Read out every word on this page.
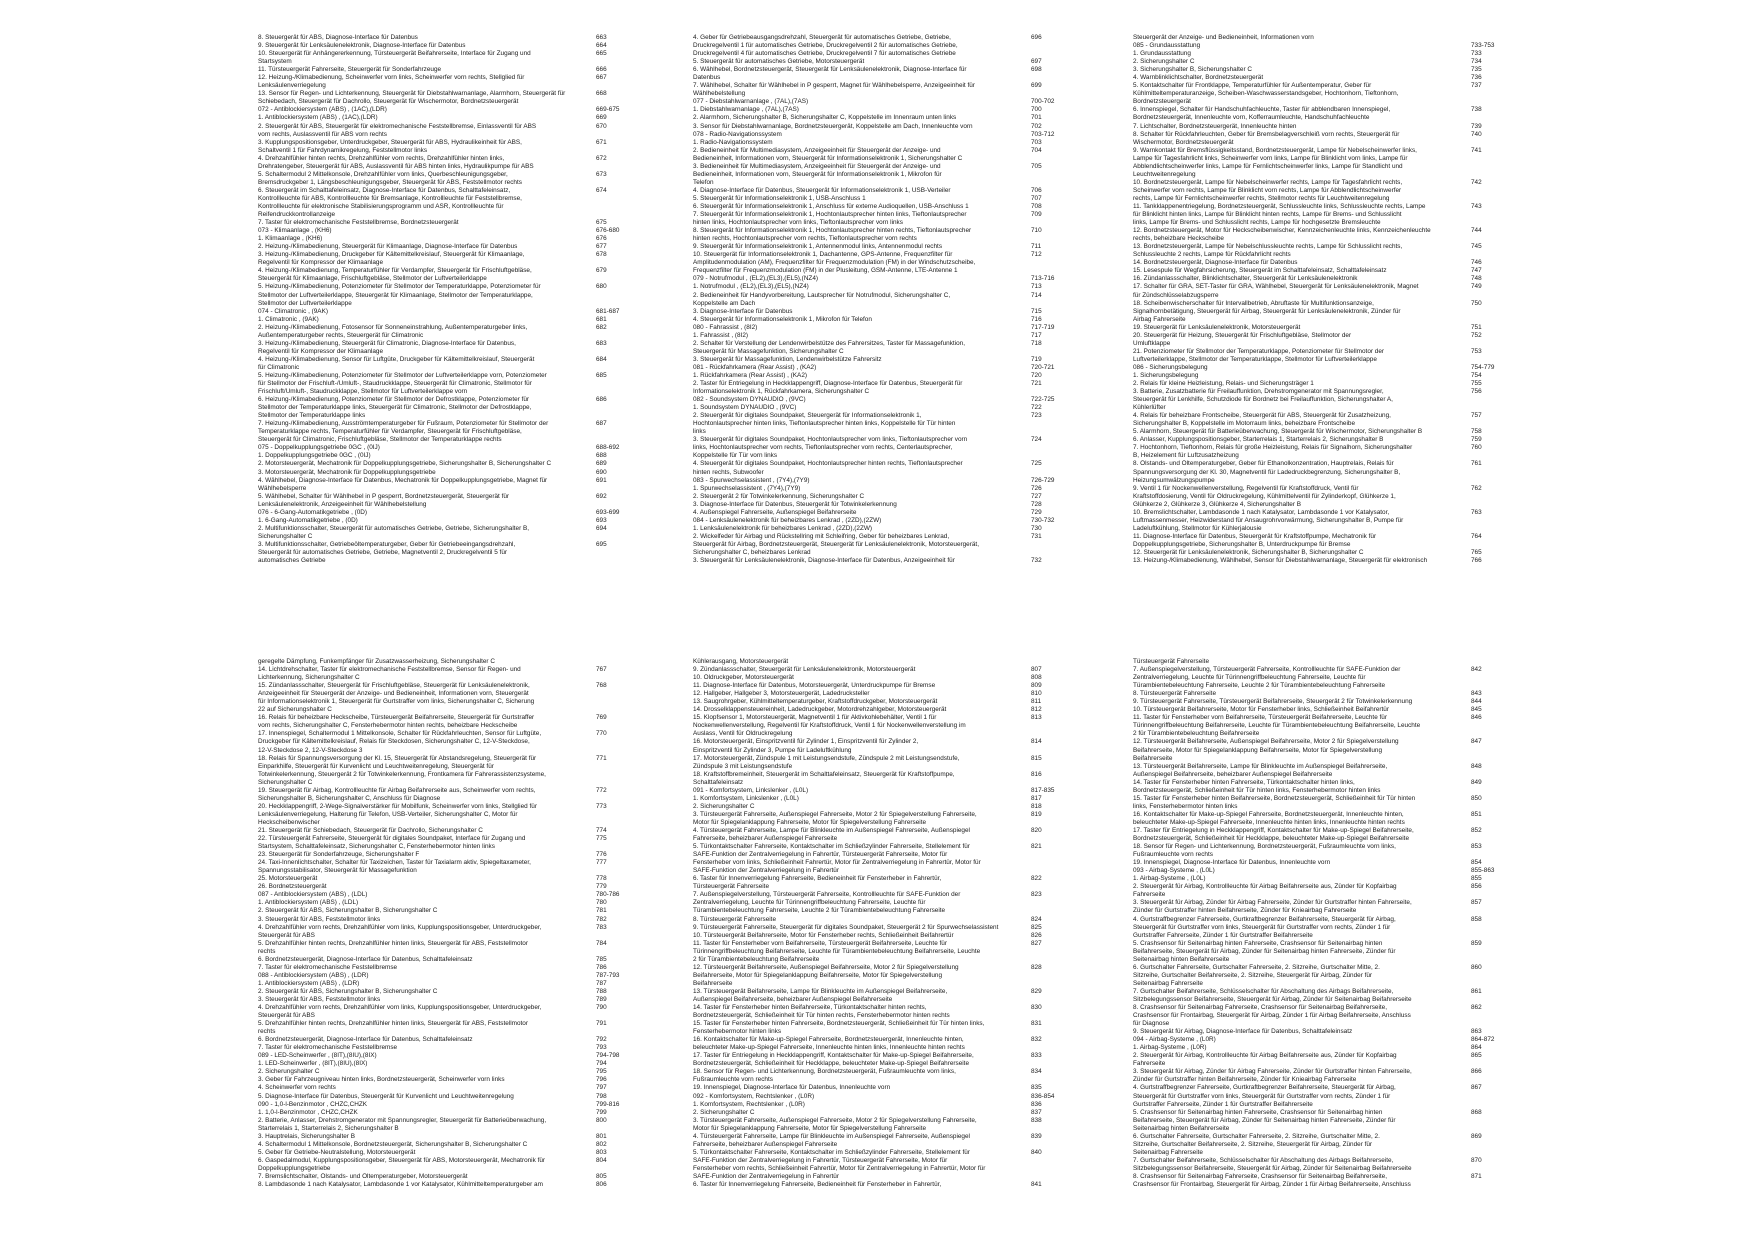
8. Steuergerät für ABS, Diagnose-Interface für Datenbus	663
9. Steuergerät für Lenksäulenelektronik, Diagnose-Interface für Datenbus	664
10. Steuergerät für Anhängererkennung, Türsteuergerät Beifahrerseite, Interface für Zugang und	665
Startsystem
11. Türsteuergerät Fahrerseite, Steuergerät für Sonderfahrzeuge	666
12. Heizung-/Klimabedienung, Scheinwerfer vorn links, Scheinwerfer vorn rechts, Stellglied für	667
Lenksäulenverriegelung
13. Sensor für Regen- und Lichterkennung, Steuergerät für Diebstahlwarnanlage, Alarmhorn, Steuergerät für	668
Schiebedach, Steuergerät für Dachrollo, Steuergerät für Wischermotor, Bordnetzsteuergerät
072 - Antiblockiersystem (ABS) , (1AC),(LDR)	669-675
1. Antiblockiersystem (ABS) , (1AC),(LDR)	669
2. Steuergerät für ABS, Steuergerät für elektromechanische Feststellbremse, Einlassventil für ABS	670
vorn rechts, Auslassventil für ABS vorn rechts
3. Kupplungspositionsgeber, Unterdruckgeber, Steuergerät für ABS, Hydraulikeinheit für ABS,	671
Schaltventil 1 für Fahrdynamikregelung, Feststellmotor links
4. Drehzahlfühler hinten rechts, Drehzahlfühler vorn rechts, Drehzahlfühler hinten links,	672
Drehratengeber, Steuergerät für ABS, Auslassventil für ABS hinten links, Hydraulikpumpe für ABS
5. Schaltermodul 2 Mittelkonsole, Drehzahlfühler vorn links, Querbeschleunigungsgeber,	673
Bremsdruckgeber 1, Längsbeschleunigungsgeber, Steuergerät für ABS, Feststellmotor rechts
6. Steuergerät im Schalttafeleinsatz, Diagnose-Interface für Datenbus, Schalttafeleinsatz,	674
Kontrollleuchte für ABS, Kontrollleuchte für Bremsanlage, Kontrollleuchte für Feststellbremse,
Kontrollleuchte für elektronische Stabilisierungsprogramm und ASR, Kontrollleuchte für
Reifendruckkontrollanzeige
7. Taster für elektromechanische Feststellbremse, Bordnetzsteuergerät	675
073 - Klimaanlage , (KH6)	676-680
1. Klimaanlage , (KH6)	676
2. Heizung-/Klimabedienung, Steuergerät für Klimaanlage, Diagnose-Interface für Datenbus	677
3. Heizung-/Klimabedienung, Druckgeber für Kältemittelkreislauf, Steuergerät für Klimaanlage,	678
Regelventil für Kompressor der Klimaanlage
4. Heizung-/Klimabedienung, Temperaturfühler für Verdampfer, Steuergerät für Frischluftgebläse,	679
Steuergerät für Klimaanlage, Frischluftgebläse, Stellmotor der Luftverteilerklappe
5. Heizung-/Klimabedienung, Potenziometer für Stellmotor der Temperaturklappe, Potenziometer für	680
Stellmotor der Luftverteilerklappe, Steuergerät für Klimaanlage, Stellmotor der Temperaturklappe,
Stellmotor der Luftverteilerklappe
074 - Climatronic , (9AK)	681-687
1. Climatronic , (9AK)	681
2. Heizung-/Klimabedienung, Fotosensor für Sonneneinstrahlung, Außentemperaturgeber links,	682
Außentemperaturgeber rechts, Steuergerät für Climatronic
3. Heizung-/Klimabedienung, Steuergerät für Climatronic, Diagnose-Interface für Datenbus,	683
Regelventil für Kompressor der Klimaanlage
4. Heizung-/Klimabedienung, Sensor für Luftgüte, Druckgeber für Kältemittelkreislauf, Steuergerät	684
für Climatronic
5. Heizung-/Klimabedienung, Potenziometer für Stellmotor der Luftverteilerklappe vorn, Potenziometer	685
für Stellmotor der Frischluft-/Umluft-, Staudruckklappe, Steuergerät für Climatronic, Stellmotor für
Frischluft/Umluft-, Staudruckklappe, Stellmotor für Luftverteilerklappe vorn
6. Heizung-/Klimabedienung, Potenziometer für Stellmotor der Defrostklappe, Potenziometer für	686
Stellmotor der Temperaturklappe links, Steuergerät für Climatronic, Stellmotor der Defrostklappe,
Stellmotor der Temperaturklappe links
7. Heizung-/Klimabedienung, Ausströmtemperaturgeber für Fußraum, Potenziometer für Stellmotor der	687
Temperaturklappe rechts, Temperaturfühler für Verdampfer, Steuergerät für Frischluftgebläse,
Steuergerät für Climatronic, Frischluftgebläse, Stellmotor der Temperaturklappe rechts
075 - Doppelkupplungsgetriebe 0GC , (0IJ)	688-692
1. Doppelkupplungsgetriebe 0GC , (0IJ)	688
2. Motorsteuergerät, Mechatronik für Doppelkupplungsgetriebe, Sicherungshalter B, Sicherungshalter C	689
3. Motorsteuergerät, Mechatronik für Doppelkupplungsgetriebe	690
4. Wählhebel, Diagnose-Interface für Datenbus, Mechatronik für Doppelkupplungsgetriebe, Magnet für	691
Wählhebelsperre
5. Wählhebel, Schalter für Wählhebel in P gesperrt, Bordnetzsteuergerät, Steuergerät für	692
Lenksäulenelektronik, Anzeigeeinheit für Wählhebelstellung
076 - 6-Gang-Automatikgetriebe , (0D)	693-699
1. 6-Gang-Automatikgetriebe , (0D)	693
2. Multifunktionsschalter, Steuergerät für automatisches Getriebe, Getriebe, Sicherungshalter B,	694
Sicherungshalter C
3. Multifunktionsschalter, Getriebeöltemperaturgeber, Geber für Getriebeeingangsdrehzahl,	695
Steuergerät für automatisches Getriebe, Getriebe, Magnetventil 2, Druckregelventil 5 für
automatisches Getriebe
4. Geber für Getriebeausgangsdrehzahl, Steuergerät für automatisches Getriebe, Getriebe,	696
Druckregelventil 1 für automatisches Getriebe, Druckregelventil 2 für automatisches Getriebe,
Druckregelventil 4 für automatisches Getriebe, Druckregelventil 7 für automatisches Getriebe
5. Steuergerät für automatisches Getriebe, Motorsteuergerät	697
6. Wählhebel, Bordnetzsteuergerät, Steuergerät für Lenksäulenelektronik, Diagnose-Interface für	698
Datenbus
7. Wählhebel, Schalter für Wählhebel in P gesperrt, Magnet für Wählhebelsperre, Anzeigeeinheit für	699
Wählhebelstellung
077 - Diebstahlwarnanlage , (7AL),(7AS)	700-702
1. Diebstahlwarnanlage , (7AL),(7AS)	700
2. Alarmhorn, Sicherungshalter B, Sicherungshalter C, Koppelstelle im Innenraum unten links	701
3. Sensor für Diebstahlwarnanlage, Bordnetzsteuergerät, Koppelstelle am Dach, Innenleuchte vorn	702
078 - Radio-Navigationssystem	703-712
1. Radio-Navigationssystem	703
2. Bedieneinheit für Multimediasystem, Anzeigeeinheit für Steuergerät der Anzeige- und	704
Bedieneinheit, Informationen vorn, Steuergerät für Informationselektronik 1, Sicherungshalter C
3. Bedieneinheit für Multimediasystem, Anzeigeeinheit für Steuergerät der Anzeige- und	705
Bedieneinheit, Informationen vorn, Steuergerät für Informationselektronik 1, Mikrofon für
Telefon
4. Diagnose-Interface für Datenbus, Steuergerät für Informationselektronik 1, USB-Verteiler	706
5. Steuergerät für Informationselektronik 1, USB-Anschluss 1	707
6. Steuergerät für Informationselektronik 1, Anschluss für externe Audioquellen, USB-Anschluss 1	708
7. Steuergerät für Informationselektronik 1, Hochtonlautsprecher hinten links, Tieftonlautsprecher	709
hinten links, Hochtonlautsprecher vorn links, Tieftonlautsprecher vorn links
8. Steuergerät für Informationselektronik 1, Hochtonlautsprecher hinten rechts, Tieftonlautsprecher	710
hinten rechts, Hochtonlautsprecher vorn rechts, Tieftonlautsprecher vorn rechts
9. Steuergerät für Informationselektronik 1, Antennenmodul links, Antennenmodul rechts	711
10. Steuergerät für Informationselektronik 1, Dachantenne, GPS-Antenne, Frequenzfilter für	712
Amplitudenmodulation (AM), Frequenzfilter für Frequenzmodulation (FM) in der Windschutzscheibe,
Frequenzfilter für Frequenzmodulation (FM) in der Plusleitung, GSM-Antenne, LTE-Antenne 1
079 - Notrufmodul , (EL2),(EL3),(EL5),(NZ4)	713-716
1. Notrufmodul , (EL2),(EL3),(EL5),(NZ4)	713
2. Bedieneinheit für Handyvorbereitung, Lautsprecher für Notrufmodul, Sicherungshalter C,	714
Koppelstelle am Dach
3. Diagnose-Interface für Datenbus	715
4. Steuergerät für Informationselektronik 1, Mikrofon für Telefon	716
080 - Fahrassist , (8I2)	717-719
1. Fahrassist , (8I2)	717
2. Schalter für Verstellung der Lendenwirbelstütze des Fahrersitzes, Taster für Massagefunktion,	718
Steuergerät für Massagefunktion, Sicherungshalter C
3. Steuergerät für Massagefunktion, Lendenwirbelstütze Fahrersitz	719
081 - Rückfahrkamera (Rear Assist) , (KA2)	720-721
1. Rückfahrkamera (Rear Assist) , (KA2)	720
2. Taster für Entriegelung in Heckklappengriff, Diagnose-Interface für Datenbus, Steuergerät für	721
Informationselektronik 1, Rückfahrkamera, Sicherungshalter C
082 - Soundsystem DYNAUDIO , (9VC)	722-725
1. Soundsystem DYNAUDIO , (9VC)	722
2. Steuergerät für digitales Soundpaket, Steuergerät für Informationselektronik 1,	723
Hochtonlautsprecher hinten links, Tieftonlautsprecher hinten links, Koppelstelle für Tür hinten
links
3. Steuergerät für digitales Soundpaket, Hochtonlautsprecher vorn links, Tieftonlautsprecher vorn	724
links, Hochtonlautsprecher vorn rechts, Tieftonlautsprecher vorn rechts, Centerlautsprecher,
Koppelstelle für Tür vorn links
4. Steuergerät für digitales Soundpaket, Hochtonlautsprecher hinten rechts, Tieftonlautsprecher	725
hinten rechts, Subwoofer
083 - Spurwechselassistent , (7Y4),(7Y9)	726-729
1. Spurwechselassistent , (7Y4),(7Y9)	726
2. Steuergerät 2 für Totwinkelerkennung, Sicherungshalter C	727
3. Diagnose-Interface für Datenbus, Steuergerät für Totwinkelerkennung	728
4. Außenspiegel Fahrerseite, Außenspiegel Beifahrerseite	729
084 - Lenksäulenelektronik für beheizbares Lenkrad , (2ZD),(2ZW)	730-732
1. Lenksäulenelektronik für beheizbares Lenkrad , (2ZD),(2ZW)	730
2. Wickelfeder für Airbag und Rückstellring mit Schleifring, Geber für beheizbares Lenkrad,	731
Steuergerät für Airbag, Bordnetzsteuergerät, Steuergerät für Lenksäulenelektronik, Motorsteuergerät,
Sicherungshalter C, beheizbares Lenkrad
3. Steuergerät für Lenksäulenelektronik, Diagnose-Interface für Datenbus, Anzeigeeinheit für	732
Steuergerät der Anzeige- und Bedieneinheit, Informationen vorn
085 - Grundausstattung	733-753
1. Grundausstattung	733
2. Sicherungshalter C	734
3. Sicherungshalter B, Sicherungshalter C	735
4. Warnblinklichtschalter, Bordnetzsteuergerät	736
5. Kontaktschalter für Frontklappe, Temperaturfühler für Außentemperatur, Geber für	737
Kühlmitteltemperaturanzeige, Scheiben-Waschwasserstandsgeber, Hochtonhorn, Tieftonhorn,
Bordnetzsteuergerät
6. Innenspiegel, Schalter für Handschuhfachleuchte, Taster für abblendbaren Innenspiegel,	738
Bordnetzsteuergerät, Innenleuchte vorn, Kofferraumleuchte, Handschuhfachleuchte
7. Lichtschalter, Bordnetzsteuergerät, Innenleuchte hinten	739
8. Schalter für Rückfahrleuchten, Geber für Bremsbelagverschleiß vorn rechts, Steuergerät für	740
Wischermotor, Bordnetzsteuergerät
9. Warnkontakt für Bremsflüssigkeitsstand, Bordnetzsteuergerät, Lampe für Nebelscheinwerfer links,	741
Lampe für Tagesfahrlicht links, Scheinwerfer vorn links, Lampe für Blinklicht vorn links, Lampe für
Abblendlichtscheinwerfer links, Lampe für Fernlichtscheinwerfer links, Lampe für Standlicht und
Leuchtweitenregelung
10. Bordnetzsteuergerät, Lampe für Nebelscheinwerfer rechts, Lampe für Tagesfahrlicht rechts,	742
Scheinwerfer vorn rechts, Lampe für Blinklicht vorn rechts, Lampe für Abblendlichtscheinwerfer
rechts, Lampe für Fernlichtscheinwerfer rechts, Stellmotor rechts für Leuchtweitenregelung
11. Tankklappenentriegelung, Bordnetzsteuergerät, Schlussleuchte links, Schlussleuchte rechts, Lampe	743
für Blinklicht hinten links, Lampe für Blinklicht hinten rechts, Lampe für Brems- und Schlusslicht
links, Lampe für Brems- und Schlusslicht rechts, Lampe für hochgesetzte Bremsleuchte
12. Bordnetzsteuergerät, Motor für Heckscheibenwischer, Kennzeichenleuchte links, Kennzeichenleuchte	744
rechts, beheizbare Heckscheibe
13. Bordnetzsteuergerät, Lampe für Nebelschlussleuchte rechts, Lampe für Schlusslicht rechts,	745
Schlussleuchte 2 rechts, Lampe für Rückfahrlicht rechts
14. Bordnetzsteuergerät, Diagnose-Interface für Datenbus	746
15. Lesespule für Wegfahrsicherung, Steuergerät im Schalttafeleinsatz, Schalttafeleinsatz	747
16. Zündanlassschalter, Blinklichtschalter, Steuergerät für Lenksäulenelektronik	748
17. Schalter für GRA, SET-Taster für GRA, Wählhebel, Steuergerät für Lenksäulenelektronik, Magnet	749
für Zündschlüsselabzugsperre
18. Scheibenwischerschalter für Intervallbetrieb, Abruftaste für Multifunktionsanzeige,	750
Signalhornbetätigung, Steuergerät für Airbag, Steuergerät für Lenksäulenelektronik, Zünder für
Airbag Fahrerseite
19. Steuergerät für Lenksäulenelektronik, Motorsteuergerät	751
20. Steuergerät für Heizung, Steuergerät für Frischluftgebläse, Stellmotor der	752
Umluftklappe
21. Potenziometer für Stellmotor der Temperaturklappe, Potenziometer für Stellmotor der	753
Luftverteilerklappe, Stellmotor der Temperaturklappe, Stellmotor für Luftverteilerklappe
086 - Sicherungsbelegung	754-779
1. Sicherungsbelegung	754
2. Relais für kleine Heizleistung, Relais- und Sicherungsträger 1	755
3. Batterie, Zusatzbatterie für Freilauffunktion, Drehstromgenerator mit Spannungsregler,	756
Steuergerät für Lenkhilfe, Schutzdiode für Bordnetz bei Freilauffunktion, Sicherungshalter A,
Kühlerlüfter
4. Relais für beheizbare Frontscheibe, Steuergerät für ABS, Steuergerät für Zusatzheizung,	757
Sicherungshalter B, Koppelstelle im Motorraum links, beheizbare Frontscheibe
5. Alarmhorn, Steuergerät für Batterieüberwachung, Steuergerät für Wischermotor, Sicherungshalter B	758
6. Anlasser, Kupplungspositionsgeber, Starterrelais 1, Starterrelais 2, Sicherungshalter B	759
7. Hochtonhorn, Tieftonhorn, Relais für große Heizleistung, Relais für Signalhorn, Sicherungshalter	760
B, Heizelement für Luftzusatzheizung
8. Ölstands- und Öltemperaturgeber, Geber für Ethanolkonzentration, Hauptrelais, Relais für	761
Spannungsversorgung der Kl. 30, Magnetventil für Ladedruckbegrenzung, Sicherungshalter B,
Heizungsumwälzungspumpe
9. Ventil 1 für Nockenwellenverstellung, Regelventil für Kraftstoffdruck, Ventil für	762
Kraftstoffdosierung, Ventil für Öldruckregelung, Kühlmittelventil für Zylinderkopf, Glühkerze 1,
Glühkerze 2, Glühkerze 3, Glühkerze 4, Sicherungshalter B
10. Bremslichtschalter, Lambdasonde 1 nach Katalysator, Lambdasonde 1 vor Katalysator,	763
Luftmassenmesser, Heizwiderstand für Ansaugrohrvorwärmung, Sicherungshalter B, Pumpe für
Ladeluftkühlung, Stellmotor für Kühlerjalousie
11. Diagnose-Interface für Datenbus, Steuergerät für Kraftstoffpumpe, Mechatronik für	764
Doppelkupplungsgetriebe, Sicherungshalter B, Unterdruckpumpe für Bremse
12. Steuergerät für Lenksäulenelektronik, Sicherungshalter B, Sicherungshalter C	765
13. Heizung-/Klimabedienung, Wählhebel, Sensor für Diebstahlwarnanlage, Steuergerät für elektronisch	766
geregelte Dämpfung, Funkempfänger für Zusatzwasserheizung, Sicherungshalter C
14. Lichtdrehschalter, Taster für elektromechanische Feststellbremse, Sensor für Regen- und	767
Lichterkennung, Sicherungshalter C
15. Zündanlassschalter, Steuergerät für Frischluftgebläse, Steuergerät für Lenksäulenelektronik,	768
Anzeigeeinheit für Steuergerät der Anzeige- und Bedieneinheit, Informationen vorn, Steuergerät
für Informationselektronik 1, Steuergerät für Gurtstraffer vorn links, Sicherungshalter C, Sicherung
22 auf Sicherungshalter C
16. Relais für beheizbare Heckscheibe, Türsteuergerät Beifahrerseite, Steuergerät für Gurtstraffer	769
vorn rechts, Sicherungshalter C, Fensterhebermotor hinten rechts, beheizbare Heckscheibe
17. Innenspiegel, Schaltermodul 1 Mittelkonsole, Schalter für Rückfahrleuchten, Sensor für Luftgüte,	770
Druckgeber für Kältemittelkreislauf, Relais für Steckdosen, Sicherungshalter C, 12-V-Steckdose,
12-V-Steckdose 2, 12-V-Steckdose 3
18. Relais für Spannungsversorgung der Kl. 15, Steuergerät für Abstandsregelung, Steuergerät für	771
Einparkhilfe, Steuergerät für Kurvenlicht und Leuchtweitenregelung, Steuergerät für
Totwinkelerkennung, Steuergerät 2 für Totwinkelerkennung, Frontkamera für Fahrerassistenzsysteme,
Sicherungshalter C
19. Steuergerät für Airbag, Kontrollleuchte für Airbag Beifahrerseite aus, Scheinwerfer vorn rechts,	772
Sicherungshalter B, Sicherungshalter C, Anschluss für Diagnose
20. Heckklappengriff, 2-Wege-Signalverstärker für Mobilfunk, Scheinwerfer vorn links, Stellglied für	773
Lenksäulenverriegelung, Halterung für Telefon, USB-Verteiler, Sicherungshalter C, Motor für
Heckscheibenwischer
21. Steuergerät für Schiebedach, Steuergerät für Dachrollo, Sicherungshalter C	774
22. Türsteuergerät Fahrerseite, Steuergerät für digitales Soundpaket, Interface für Zugang und	775
Startsystem, Schalttafeleinsatz, Sicherungshalter C, Fensterhebermotor hinten links
23. Steuergerät für Sonderfahrzeuge, Sicherungshalter F	776
24. Taxi-Innenlichtschalter, Schalter für Taxizeichen, Taster für Taxialarm aktiv, Spiegeltaxameter,	777
Spannungsstabilisator, Steuergerät für Massagefunktion
25. Motorsteuergerät	778
26. Bordnetzsteuergerät	779
087 - Antiblockiersystem (ABS) , (LDL)	780-786
1. Antiblockiersystem (ABS) , (LDL)	780
2. Steuergerät für ABS, Sicherungshalter B, Sicherungshalter C	781
3. Steuergerät für ABS, Feststellmotor links	782
4. Drehzahlfühler vorn rechts, Drehzahlfühler vorn links, Kupplungspositionsgeber, Unterdruckgeber,	783
Steuergerät für ABS
5. Drehzahlfühler hinten rechts, Drehzahlfühler hinten links, Steuergerät für ABS, Feststellmotor	784
rechts
6. Bordnetzsteuergerät, Diagnose-Interface für Datenbus, Schalttafeleinsatz	785
7. Taster für elektromechanische Feststellbremse	786
088 - Antiblockiersystem (ABS) , (LDR)	787-793
1. Antiblockiersystem (ABS) , (LDR)	787
2. Steuergerät für ABS, Sicherungshalter B, Sicherungshalter C	788
3. Steuergerät für ABS, Feststellmotor links	789
4. Drehzahlfühler vorn rechts, Drehzahlfühler vorn links, Kupplungspositionsgeber, Unterdruckgeber,	790
Steuergerät für ABS
5. Drehzahlfühler hinten rechts, Drehzahlfühler hinten links, Steuergerät für ABS, Feststellmotor	791
rechts
6. Bordnetzsteuergerät, Diagnose-Interface für Datenbus, Schalttafeleinsatz	792
7. Taster für elektromechanische Feststellbremse	793
089 - LED-Scheinwerfer , (8IT),(8IU),(8IX)	794-798
1. LED-Scheinwerfer , (8IT),(8IU),(8IX)	794
2. Sicherungshalter C	795
3. Geber für Fahrzeugniveau hinten links, Bordnetzsteuergerät, Scheinwerfer vorn links	796
4. Scheinwerfer vorn rechts	797
5. Diagnose-Interface für Datenbus, Steuergerät für Kurvenlicht und Leuchtweitenregelung	798
090 - 1,0-l-Benzinmotor , CHZC,CHZK	799-816
1. 1,0-l-Benzinmotor , CHZC,CHZK	799
2. Batterie, Anlasser, Drehstromgenerator mit Spannungsregler, Steuergerät für Batterieüberwachung,	800
Starterrelais 1, Starterrelais 2, Sicherungshalter B
3. Hauptrelais, Sicherungshalter B	801
4. Schaltermodul 1 Mittelkonsole, Bordnetzsteuergerät, Sicherungshalter B, Sicherungshalter C	802
5. Geber für Getriebe-Neutralstellung, Motorsteuergerät	803
6. Gaspedalmodul, Kupplungspositionsgeber, Steuergerät für ABS, Motorsteuergerät, Mechatronik für	804
Doppelkupplungsgetriebe
7. Bremslichtschalter, Ölstands- und Öltemperaturgeber, Motorsteuergerät	805
8. Lambdasonde 1 nach Katalysator, Lambdasonde 1 vor Katalysator, Kühlmitteltemperaturgeber am	806
Kühlerausgang, Motorsteuergerät
9. Zündanlassschalter, Steuergerät für Lenksäulenelektronik, Motorsteuergerät	807
10. Öldruckgeber, Motorsteuergerät	808
11. Diagnose-Interface für Datenbus, Motorsteuergerät, Unterdruckpumpe für Bremse	809
12. Hallgeber, Hallgeber 3, Motorsteuergerät, Ladedrucksteller	810
13. Saugrohrgeber, Kühlmitteltemperaturgeber, Kraftstoffdruckgeber, Motorsteuergerät	811
14. Drosselklappensteuereinheit, Ladedruckgeber, Motordrehzahlgeber, Motorsteuergerät	812
15. Klopfsensor 1, Motorsteuergerät, Magnetventil 1 für Aktivkohlebehälter, Ventil 1 für	813
Nockenwellenverstellung, Regelventil für Kraftstoffdruck, Ventil 1 für Nockenwellenverstellung im
Auslass, Ventil für Öldruckregelung
16. Motorsteuergerät, Einspritzventil für Zylinder 1, Einspritzventil für Zylinder 2,	814
Einspritzventil für Zylinder 3, Pumpe für Ladeluftkühlung
17. Motorsteuergerät, Zündspule 1 mit Leistungsendstufe, Zündspule 2 mit Leistungsendstufe,	815
Zündspule 3 mit Leistungsendstufe
18. Kraftstoffbremeinheit, Steuergerät im Schalttafeleinsatz, Steuergerät für Kraftstoffpumpe,	816
Schalttafeleinsatz
091 - Komfortsystem, Linkslenker , (L0L)	817-835
1. Komfortsystem, Linkslenker , (L0L)	817
2. Sicherungshalter C	818
3. Türsteuergerät Fahrerseite, Außenspiegel Fahrerseite, Motor 2 für Spiegelverstellung Fahrerseite,	819
Motor für Spiegelanklappung Fahrerseite, Motor für Spiegelverstellung Fahrerseite
4. Türsteuergerät Fahrerseite, Lampe für Blinkleuchte im Außenspiegel Fahrerseite, Außenspiegel	820
Fahrerseite, beheizbarer Außenspiegel Fahrerseite
5. Türkontaktschalter Fahrerseite, Kontaktschalter im Schließzylinder Fahrerseite, Stellelement für	821
SAFE-Funktion der Zentralverriegelung in Fahrertür, Türsteuergerät Fahrerseite, Motor für
Fensterheber vorn links, Schließeinheit Fahrertür, Motor für Zentralverriegelung in Fahrertür, Motor für
SAFE-Funktion der Zentralverriegelung in Fahrertür
6. Taster für Innenverriegelung Fahrerseite, Bedieneinheit für Fensterheber in Fahrertür,	822
Türsteuergerät Fahrerseite
7. Außenspiegelverstellung, Türsteuergerät Fahrerseite, Kontrollleuchte für SAFE-Funktion der	823
Zentralverriegelung, Leuchte für Türinnengriffbeleuchtung Fahrerseite, Leuchte für
Türambientebeleuchtung Fahrerseite, Leuchte 2 für Türambientebeleuchtung Fahrerseite
8. Türsteuergerät Fahrerseite	824
9. Türsteuergerät Fahrerseite, Steuergerät für digitales Soundpaket, Steuergerät 2 für Spurwechselassistent	825
10. Türsteuergerät Beifahrerseite, Motor für Fensterheber rechts, Schließeinheit Beifahrertür	826
11. Taster für Fensterheber vorn Beifahrerseite, Türsteuergerät Beifahrerseite, Leuchte für	827
Türinnengriffbeleuchtung Beifahrerseite, Leuchte für Türambientebeleuchtung Beifahrerseite, Leuchte
2 für Türambientebeleuchtung Beifahrerseite
12. Türsteuergerät Beifahrerseite, Außenspiegel Beifahrerseite, Motor 2 für Spiegelverstellung	828
Beifahrerseite, Motor für Spiegelanklappung Beifahrerseite, Motor für Spiegelverstellung
Beifahrerseite
13. Türsteuergerät Beifahrerseite, Lampe für Blinkleuchte im Außenspiegel Beifahrerseite,	829
Außenspiegel Beifahrerseite, beheizbarer Außenspiegel Beifahrerseite
14. Taster für Fensterheber hinten Beifahrerseite, Türkontaktschalter hinten rechts,	830
Bordnetzsteuergerät, Schließeinheit für Tür hinten rechts, Fensterhebermotor hinten rechts
15. Taster für Fensterheber hinten Fahrerseite, Bordnetzsteuergerät, Schließeinheit für Tür hinten links,	831
Fensterhebermotor hinten links
16. Kontaktschalter für Make-up-Spiegel Fahrerseite, Bordnetzsteuergerät, Innenleuchte hinten,	832
beleuchteter Make-up-Spiegel Fahrerseite, Innenleuchte hinten links, Innenleuchte hinten rechts
17. Taster für Entriegelung in Heckklappengriff, Kontaktschalter für Make-up-Spiegel Beifahrerseite,	833
Bordnetzsteuergerät, Schließeinheit für Heckklappe, beleuchteter Make-up-Spiegel Beifahrerseite
18. Sensor für Regen- und Lichterkennung, Bordnetzsteuergerät, Fußraumleuchte vorn links,	834
Fußraumleuchte vorn rechts
19. Innenspiegel, Diagnose-Interface für Datenbus, Innenleuchte vorn	835
092 - Komfortsystem, Rechtslenker , (L0R)	836-854
1. Komfortsystem, Rechtslenker , (L0R)	836
2. Sicherungshalter C	837
3. Türsteuergerät Fahrerseite, Außenspiegel Fahrerseite, Motor 2 für Spiegelverstellung Fahrerseite,	838
Motor für Spiegelanklappung Fahrerseite, Motor für Spiegelverstellung Fahrerseite
4. Türsteuergerät Fahrerseite, Lampe für Blinkleuchte im Außenspiegel Fahrerseite, Außenspiegel	839
Fahrerseite, beheizbarer Außenspiegel Fahrerseite
5. Türkontaktschalter Fahrerseite, Kontaktschalter im Schließzylinder Fahrerseite, Stellelement für	840
SAFE-Funktion der Zentralverriegelung in Fahrertür, Türsteuergerät Fahrerseite, Motor für
Fensterheber vorn rechts, Schließeinheit Fahrertür, Motor für Zentralverriegelung in Fahrertür, Motor für
SAFE-Funktion der Zentralverriegelung in Fahrertür
6. Taster für Innenverriegelung Fahrerseite, Bedieneinheit für Fensterheber in Fahrertür,	841
Türsteuergerät Fahrerseite
7. Außenspiegelverstellung, Türsteuergerät Fahrerseite, Kontrollleuchte für SAFE-Funktion der	842
Zentralverriegelung, Leuchte für Türinnengriffbeleuchtung Fahrerseite, Leuchte für
Türambientebeleuchtung Fahrerseite, Leuchte 2 für Türambientebeleuchtung Fahrerseite
8. Türsteuergerät Fahrerseite	843
9. Türsteuergerät Fahrerseite, Türsteuergerät Beifahrerseite, Steuergerät 2 für Totwinkelerkennung	844
10. Türsteuergerät Beifahrerseite, Motor für Fensterheber links, Schließeinheit Beifahrertür	845
11. Taster für Fensterheber vorn Beifahrerseite, Türsteuergerät Beifahrerseite, Leuchte für	846
Türinnengriffbeleuchtung Beifahrerseite, Leuchte für Türambientebeleuchtung Beifahrerseite, Leuchte
2 für Türambientebeleuchtung Beifahrerseite
12. Türsteuergerät Beifahrerseite, Außenspiegel Beifahrerseite, Motor 2 für Spiegelverstellung	847
Beifahrerseite, Motor für Spiegelanklappung Beifahrerseite, Motor für Spiegelverstellung
Beifahrerseite
13. Türsteuergerät Beifahrerseite, Lampe für Blinkleuchte im Außenspiegel Beifahrerseite,	848
Außenspiegel Beifahrerseite, beheizbarer Außenspiegel Beifahrerseite
14. Taster für Fensterheber hinten Fahrerseite, Türkontaktschalter hinten links,	849
Bordnetzsteuergerät, Schließeinheit für Tür hinten links, Fensterhebermotor hinten links
15. Taster für Fensterheber hinten Beifahrerseite, Bordnetzsteuergerät, Schließeinheit für Tür hinten	850
links, Fensterhebermotor hinten links
16. Kontaktschalter für Make-up-Spiegel Fahrerseite, Bordnetzsteuergerät, Innenleuchte hinten,	851
beleuchteter Make-up-Spiegel Fahrerseite, Innenleuchte hinten links, Innenleuchte hinten rechts
17. Taster für Entriegelung in Heckklappengriff, Kontaktschalter für Make-up-Spiegel Beifahrerseite,	852
Bordnetzsteuergerät, Schließeinheit für Heckklappe, beleuchteter Make-up-Spiegel Beifahrerseite
18. Sensor für Regen- und Lichterkennung, Bordnetzsteuergerät, Fußraumleuchte vorn links,	853
Fußraumleuchte vorn rechts
19. Innenspiegel, Diagnose-Interface für Datenbus, Innenleuchte vorn	854
093 - Airbag-Systeme , (L0L)	855-863
1. Airbag-Systeme , (L0L)	855
2. Steuergerät für Airbag, Kontrollleuchte für Airbag Beifahrerseite aus, Zünder für Kopfairbag	856
Fahrerseite
3. Steuergerät für Airbag, Zünder für Airbag Fahrerseite, Zünder für Gurtstraffer hinten Fahrerseite,	857
Zünder für Gurtstraffer hinten Beifahrerseite, Zünder für Knieairbag Fahrerseite
4. Gurtstraffbegrenzer Fahrerseite, Gurtkraftbegrenzer Beifahrerseite, Steuergerät für Airbag,	858
Steuergerät für Gurtstraffer vorn links, Steuergerät für Gurtstraffer vorn rechts, Zünder 1 für
Gurtstraffer Fahrerseite, Zünder 1 für Gurtstraffer Beifahrerseite
5. Crashsensor für Seitenairbag hinten Fahrerseite, Crashsensor für Seitenairbag hinten	859
Beifahrerseite, Steuergerät für Airbag, Zünder für Seitenairbag hinten Fahrerseite, Zünder für
Seitenairbag hinten Beifahrerseite
6. Gurtschalter Fahrerseite, Gurtschalter Fahrerseite, 2. Sitzreihe, Gurtschalter Mitte, 2.	860
Sitzreihe, Gurtschalter Beifahrerseite, 2. Sitzreihe, Steuergerät für Airbag, Zünder für
Seitenairbag Fahrerseite
7. Gurtschalter Beifahrerseite, Schlüsselschalter für Abschaltung des Airbags Beifahrerseite,	861
Sitzbelegungssensor Beifahrerseite, Steuergerät für Airbag, Zünder für Seitenairbag Beifahrerseite
8. Crashsensor für Seitenairbag Fahrerseite, Crashsensor für Seitenairbag Beifahrerseite,	862
Crashsensor für Frontairbag, Steuergerät für Airbag, Zünder 1 für Airbag Beifahrerseite, Anschluss
für Diagnose
9. Steuergerät für Airbag, Diagnose-Interface für Datenbus, Schalttafeleinsatz	863
094 - Airbag-Systeme , (L0R)	864-872
1. Airbag-Systeme , (L0R)	864
2. Steuergerät für Airbag, Kontrollleuchte für Airbag Beifahrerseite aus, Zünder für Kopfairbag	865
Fahrerseite
3. Steuergerät für Airbag, Zünder für Airbag Fahrerseite, Zünder für Gurtstraffer hinten Fahrerseite,	866
Zünder für Gurtstraffer hinten Beifahrerseite, Zünder für Knieairbag Fahrerseite
4. Gurtstraffbegrenzer Fahrerseite, Gurtkraftbegrenzer Beifahrerseite, Steuergerät für Airbag,	867
Steuergerät für Gurtstraffer vorn links, Steuergerät für Gurtstraffer vorn rechts, Zünder 1 für
Gurtstraffer Fahrerseite, Zünder 1 für Gurtstraffer Beifahrerseite
5. Crashsensor für Seitenairbag hinten Fahrerseite, Crashsensor für Seitenairbag hinten	868
Beifahrerseite, Steuergerät für Airbag, Zünder für Seitenairbag hinten Fahrerseite, Zünder für
Seitenairbag hinten Beifahrerseite
6. Gurtschalter Fahrerseite, Gurtschalter Fahrerseite, 2. Sitzreihe, Gurtschalter Mitte, 2.	869
Sitzreihe, Gurtschalter Beifahrerseite, 2. Sitzreihe, Steuergerät für Airbag, Zünder für
Seitenairbag Fahrerseite
7. Gurtschalter Beifahrerseite, Schlüsselschalter für Abschaltung des Airbags Beifahrerseite,	870
Sitzbelegungssensor Beifahrerseite, Steuergerät für Airbag, Zünder für Seitenairbag Beifahrerseite
8. Crashsensor für Seitenairbag Fahrerseite, Crashsensor für Seitenairbag Beifahrerseite,	871
Crashsensor für Frontairbag, Steuergerät für Airbag, Zünder 1 für Airbag Beifahrerseite, Anschluss
